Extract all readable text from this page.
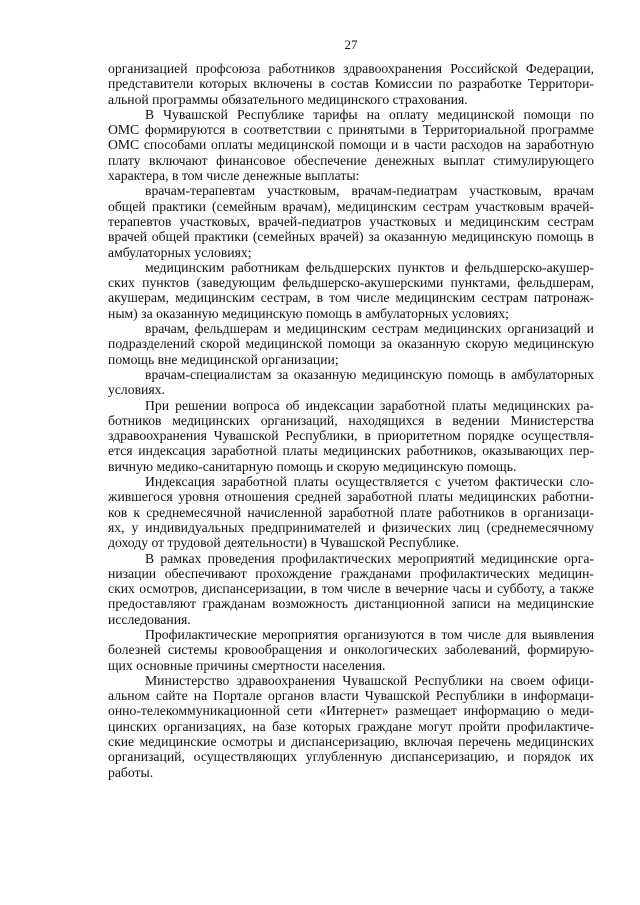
27

организацией профсоюза работников здравоохранения Российской Федерации,
представители которых включены в состав Комиссии по разработке Территори-
альной программы обязательного медицинского страхования.

В Чувашской Республике тарифы на оплату медицинской помощи по
ОМС формируются в соответствии с принятыми в Территориальной программе
ОМС способами оплаты медицинской помощи и в части расходов на заработную
плату включают финансовое обеспечение денежных выплат стимулирующего
характера, в том числе денежные выплаты:

врачам-терапевтам участковым, врачам-педиатрам участковым, врачам
общей практики (семейным врачам), медицинским сестрам участковым врачей-
терапевтов участковых, врачей-педиатров участковых и медицинским сестрам
врачей общей практики (семейных врачей) за оказанную медицинскую помощь в
амбулаторных условиях;

медицинским работникам фельдшерских пунктов и фельдшерско-акушер-
ских пунктов (заведующим фельдшерско-акушерскими пунктами, фельдшерам,
акушерам, медицинским сестрам, в том числе медицинским сестрам патронаж-
ным) за оказанную медицинскую помощь в амбулаторных условиях;

врачам, фельдшерам и медицинским сестрам медицинских организаций и
подразделений скорой медицинской помощи за оказанную скорую медицинскую
помощь вне медицинской организации;

врачам-специалистам за оказанную медицинскую помощь в амбулаторных
условиях.

При решении вопроса об индексации заработной платы медицинских ра-
ботников медицинских организаций, находящихся в ведении Министерства
здравоохранения Чувашской Республики, в приоритетном порядке осуществля-
ется индексация заработной платы медицинских работников, оказывающих пер-
вичную медико-санитарную помощь и скорую медицинскую помощь.

Индексация заработной платы осуществляется с учетом фактически сло-
жившегося уровня отношения средней заработной платы медицинских работни-
ков к среднемесячной начисленной заработной плате работников в организаци-
ях, у индивидуальных предпринимателей и физических лиц (среднемесячному
доходу от трудовой деятельности) в Чувашской Республике.

В рамках проведения профилактических мероприятий медицинские орга-
низации обеспечивают прохождение гражданами профилактических медицин-
ских осмотров, диспансеризации, в том числе в вечерние часы и субботу, а также
предоставляют гражданам возможность дистанционной записи на медицинские
исследования.

Профилактические мероприятия организуются в том числе для выявления
болезней системы кровообращения и онкологических заболеваний, формирую-
щих основные причины смертности населения.

Министерство здравоохранения Чувашской Республики на своем офици-
альном сайте на Портале органов власти Чувашской Республики в информаци-
онно-телекоммуникационной сети «Интернет» размещает информацию о меди-
цинских организациях, на базе которых граждане могут пройти профилактиче-
ские медицинские осмотры и диспансеризацию, включая перечень медицинских
организаций, осуществляющих углубленную диспансеризацию, и порядок их
работы.
